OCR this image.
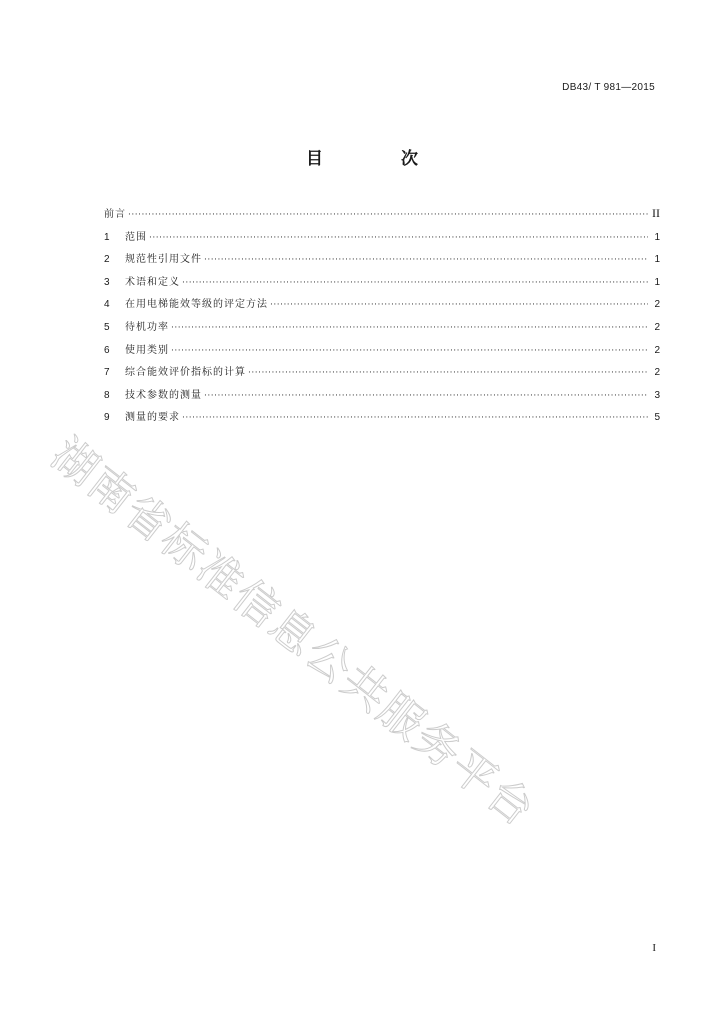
DB43/ T 981—2015
目 次
前言 ·····	II
1	范围 ·····	1
2	规范性引用文件 ·····	1
3	术语和定义 ·····	1
4	在用电梯能效等级的评定方法 ·····	2
5	待机功率 ·····	2
6	使用类别 ·····	2
7	综合能效评价指标的计算 ·····	2
8	技术参数的测量 ·····	3
9	测量的要求 ·····	5
湖南省标准信息公共服务平台
I
